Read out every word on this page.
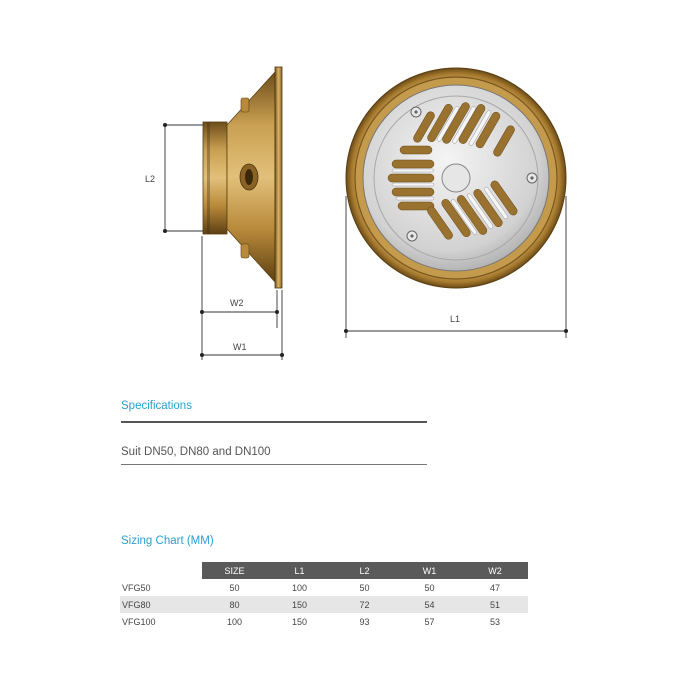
L2
W2
W1
L1
Specifications
Suit DN50, DN80 and DN100
Sizing Chart (MM)
	SIZE	L1	L2	W1	W2
VFG50	50	100	50	50	47
VFG80	80	150	72	54	51
VFG100	100	150	93	57	53
